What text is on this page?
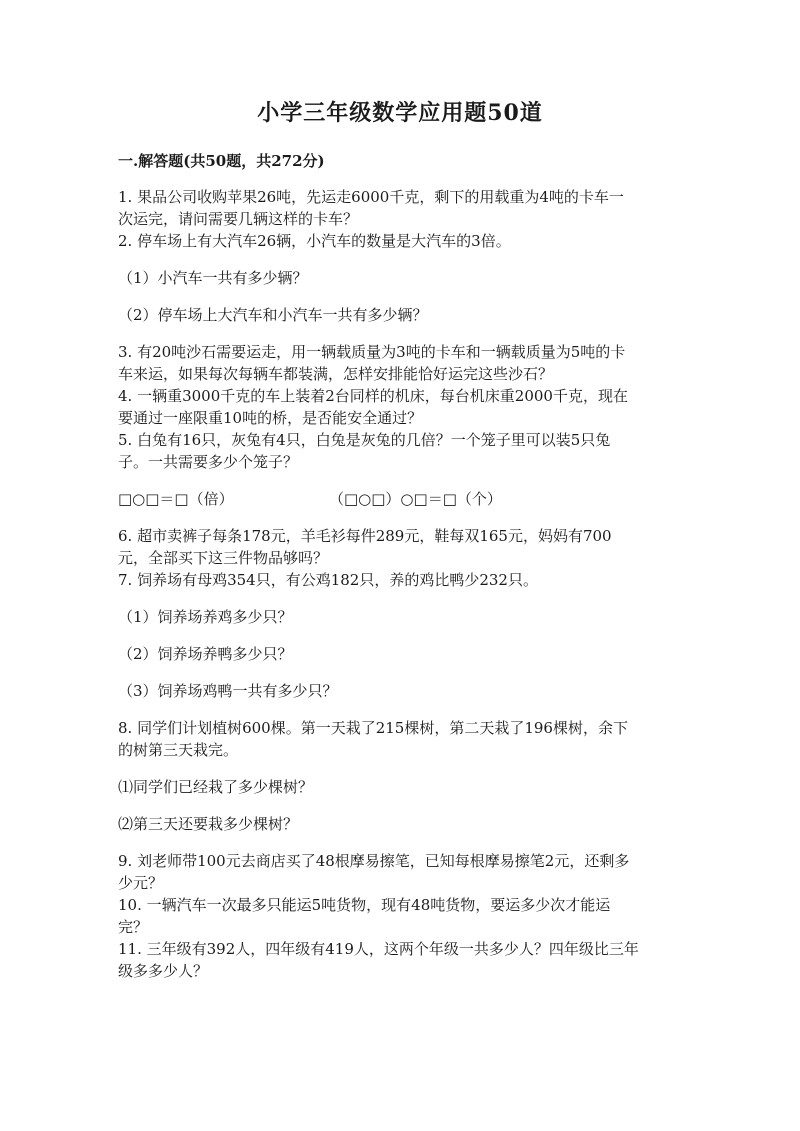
小学三年级数学应用题50道
一.解答题(共50题，共272分)
1. 果品公司收购苹果26吨，先运走6000千克，剩下的用载重为4吨的卡车一
次运完，请问需要几辆这样的卡车？
2. 停车场上有大汽车26辆，小汽车的数量是大汽车的3倍。
（1）小汽车一共有多少辆？
（2）停车场上大汽车和小汽车一共有多少辆？
3. 有20吨沙石需要运走，用一辆载质量为3吨的卡车和一辆载质量为5吨的卡
车来运，如果每次每辆车都装满，怎样安排能恰好运完这些沙石？
4. 一辆重3000千克的车上装着2台同样的机床，每台机床重2000千克，现在
要通过一座限重10吨的桥，是否能安全通过？
5. 白兔有16只，灰兔有4只，白兔是灰兔的几倍？一个笼子里可以装5只兔
子。一共需要多少个笼子？
□○□＝□（倍）	（□○□）○□＝□（个）
6. 超市卖裤子每条178元，羊毛衫每件289元，鞋每双165元，妈妈有700
元，全部买下这三件物品够吗？
7. 饲养场有母鸡354只，有公鸡182只，养的鸡比鸭少232只。
（1）饲养场养鸡多少只？
（2）饲养场养鸭多少只？
（3）饲养场鸡鸭一共有多少只？
8. 同学们计划植树600棵。第一天栽了215棵树，第二天栽了196棵树，余下
的树第三天栽完。
⑴同学们已经栽了多少棵树？
⑵第三天还要栽多少棵树？
9. 刘老师带100元去商店买了48根摩易擦笔，已知每根摩易擦笔2元，还剩多
少元？
10. 一辆汽车一次最多只能运5吨货物，现有48吨货物，要运多少次才能运
完？
11. 三年级有392人，四年级有419人，这两个年级一共多少人？四年级比三年
级多多少人？
